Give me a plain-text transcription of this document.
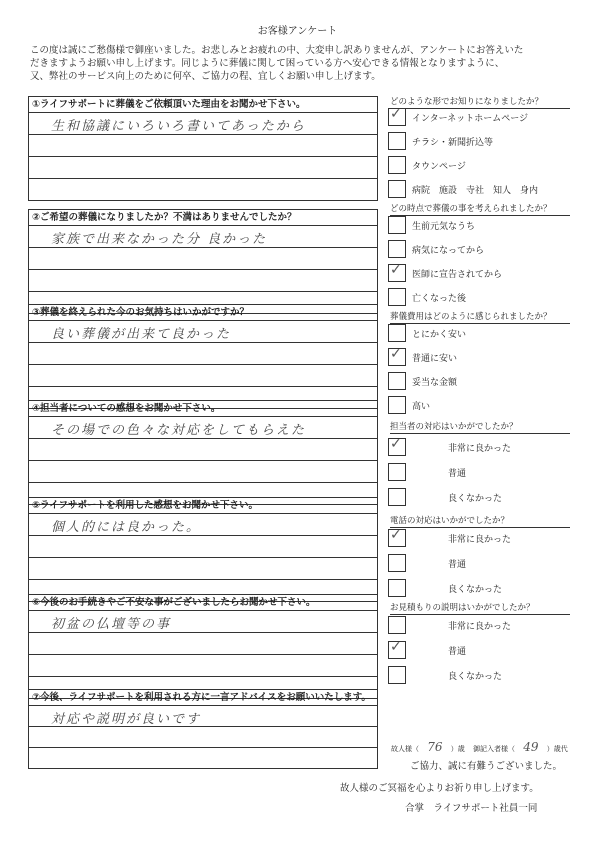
お客様アンケート
この度は誠にご愁傷様で御座いました。お悲しみとお疲れの中、大変申し訳ありませんが、アンケートにお答えいた
だきますようお願い申し上げます。同じように葬儀に関して困っている方へ安心できる情報となりますように、
又、弊社のサービス向上のために何卒、ご協力の程、宜しくお願い申し上げます。
①ライフサポートに葬儀をご依頼頂いた理由をお聞かせ下さい。
生和協議にいろいろ書いてあったから
②ご希望の葬儀になりましたか？不満はありませんでしたか？
家族で出来なかった分 良かった
③葬儀を終えられた今のお気持ちはいかがですか？
良い葬儀が出来て良かった
④担当者についての感想をお聞かせ下さい。
その場での色々な対応をしてもらえた
⑤ライフサポートを利用した感想をお聞かせ下さい。
個人的には良かった。
⑥今後のお手続きやご不安な事がございましたらお聞かせ下さい。
初盆の仏壇等の事
⑦今後、ライフサポートを利用される方に一言アドバイスをお願いいたします。
対応や説明が良いです
どのような形でお知りになりましたか？
どの時点で葬儀の事を考えられましたか？
葬儀費用はどのように感じられましたか？
担当者の対応はいかがでしたか？
電話の対応はいかがでしたか？
お見積もりの説明はいかがでしたか？
故人様（ 76 ）歳 御記入者様（ 49 ）歳代
ご協力、誠に有難うございました。
故人様のご冥福を心よりお祈り申し上げます。
合掌　ライフサポート社員一同
✓ インターネットホームページ
チラシ・新聞折込等
タウンページ
病院　施設　寺社　知人　身内
生前元気なうち
病気になってから
✓ 医師に宣告されてから
亡くなった後
とにかく安い
✓ 普通に安い
妥当な金額
高い
✓	非常に良かった
普通
良くなかった
✓	非常に良かった
普通
良くなかった
非常に良かった
✓	普通
良くなかった
